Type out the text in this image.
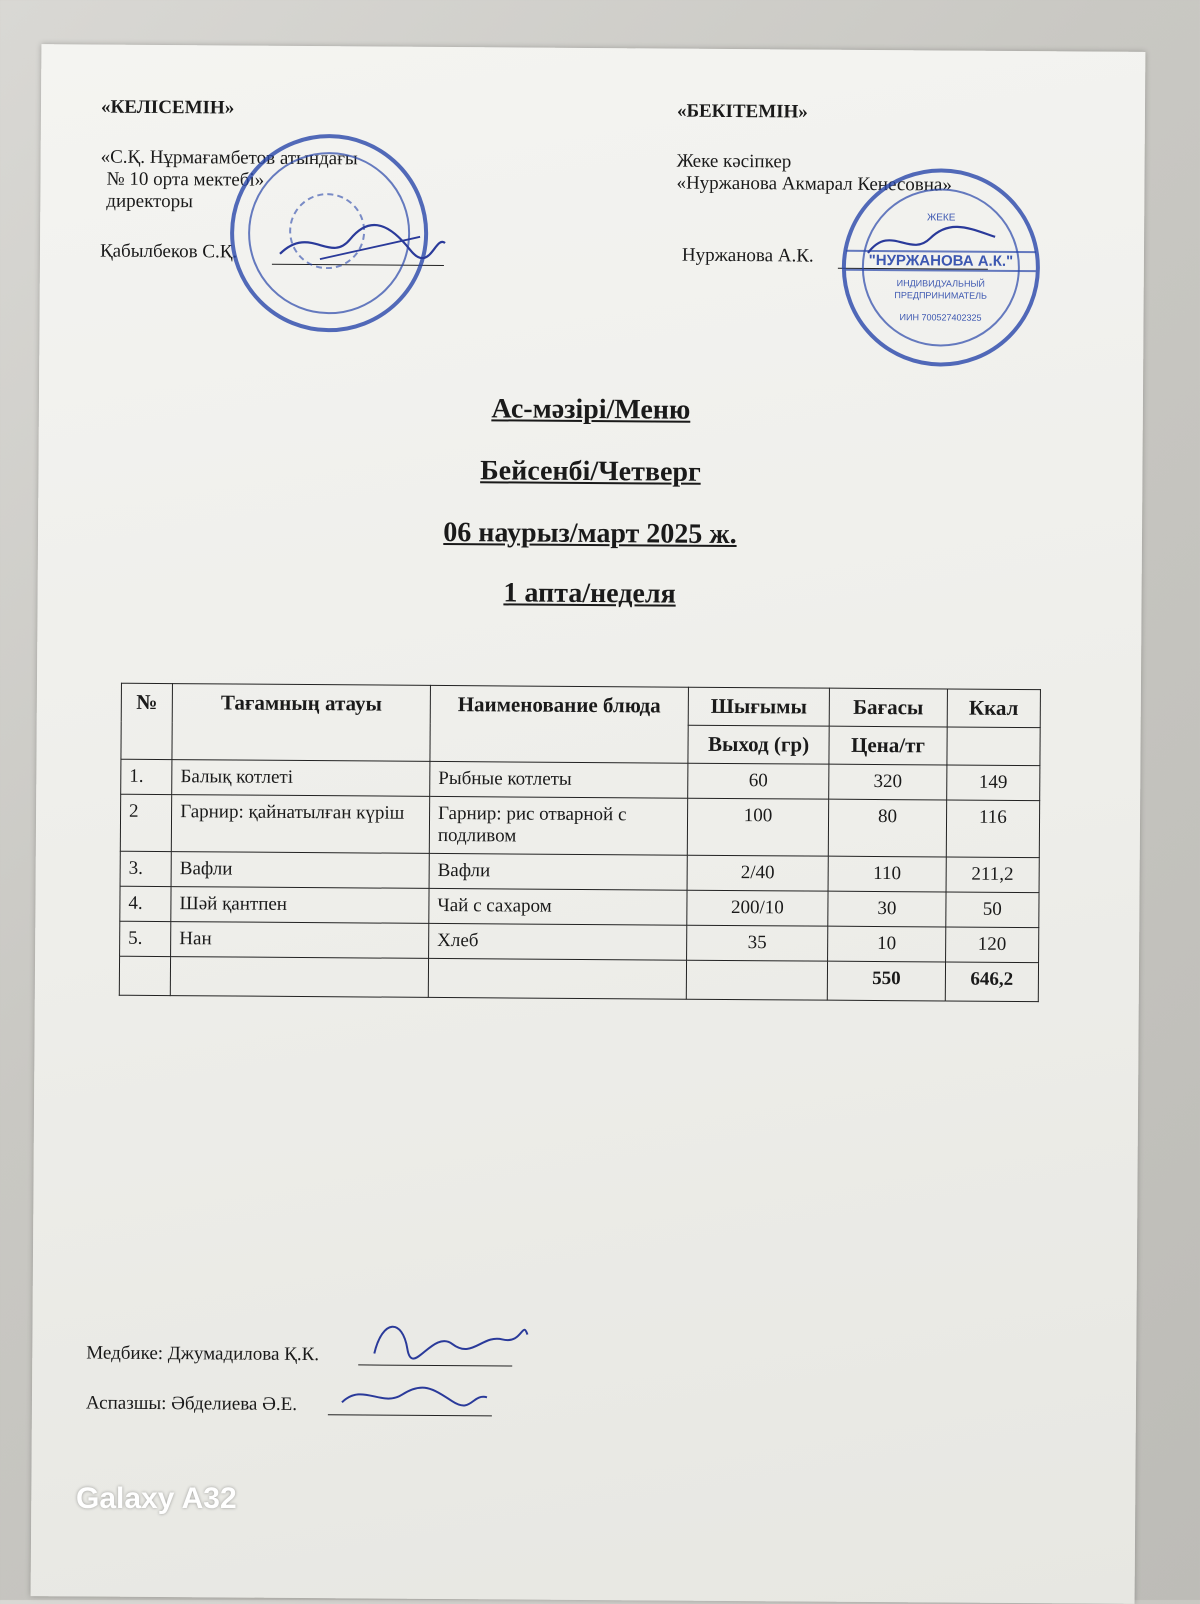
«КЕЛІСЕМІН»
«С.Қ. Нұрмағамбетов атындағы
№ 10 орта мектебі»
директоры
Қабылбеков С.Қ.
«БЕКІТЕМІН»
Жеке кәсіпкер
«Нуржанова Акмарал Кенесовна»
Нуржанова А.К.
ЖЕКЕ
"НУРЖАНОВА А.К."
ИНДИВИДУАЛЬНЫЙ
ПРЕДПРИНИМАТЕЛЬ
ИИН 700527402325
Ас-мәзірі/Меню
Бейсенбі/Четверг
06 наурыз/март 2025 ж.
1 апта/неделя
№	Тағамның атауы	Наименование блюда	Шығымы	Бағасы	Ккал
			Выход (гр)	Цена/тг	
1.	Балық котлеті	Рыбные котлеты	60	320	149
2	Гарнир: қайнатылған күріш	Гарнир: рис отварной с подливом	100	80	116
3.	Вафли	Вафли	2/40	110	211,2
4.	Шәй қантпен	Чай с сахаром	200/10	30	50
5.	Нан	Хлеб	35	10	120
				550	646,2
Медбике: Джумадилова Қ.К.
Аспазшы: Әбделиева Ә.Е.
Galaxy A32
